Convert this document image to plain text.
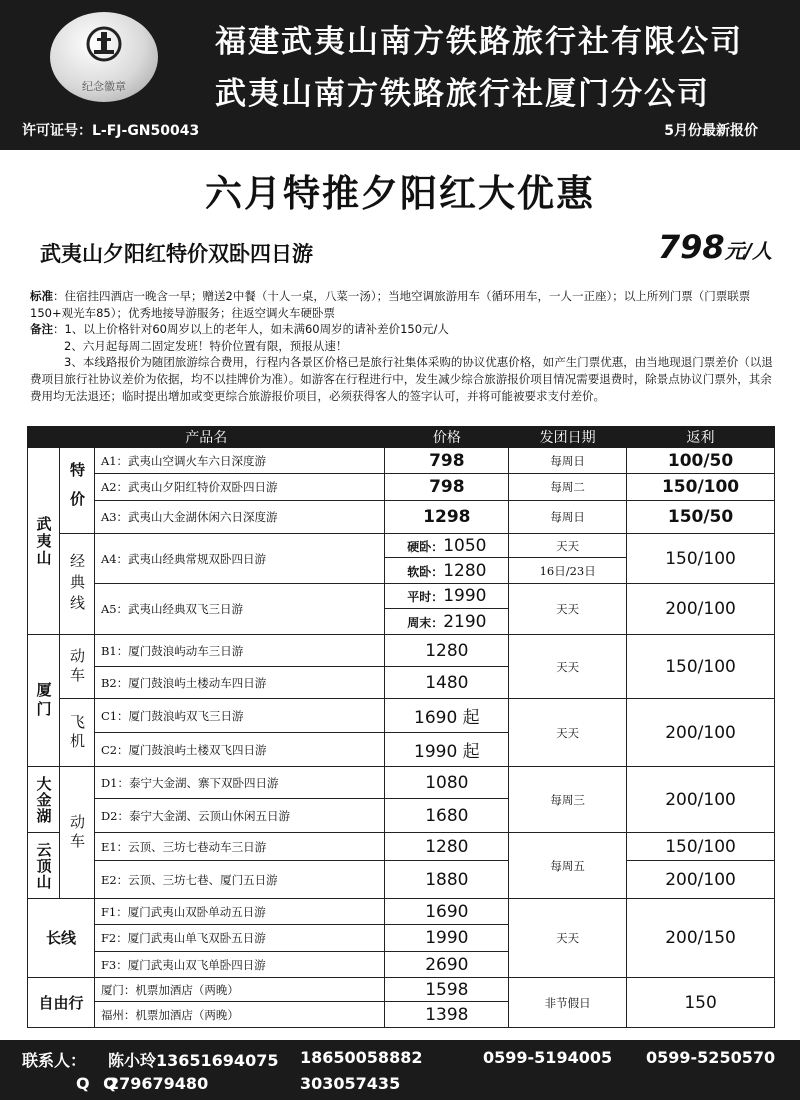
纪念徽章
福建武夷山南方铁路旅行社有限公司
武夷山南方铁路旅行社厦门分公司
许可证号：L-FJ-GN50043	5月份最新报价
六月特推夕阳红大优惠
武夷山夕阳红特价双卧四日游	798元/人
标准：住宿挂四酒店一晚含一早；赠送2中餐（十人一桌，八菜一汤）；当地空调旅游用车（循环用车，一人一正座）；以上所列门票（门票联票150+观光车85）；优秀地接导游服务；往返空调火车硬卧票
备注：1、以上价格针对60周岁以上的老年人，如未满60周岁的请补差价150元/人
2、六月起每周二固定发班！特价位置有限，预报从速！
3、本线路报价为随团旅游综合费用，行程内各景区价格已是旅行社集体采购的协议优惠价格，如产生门票优惠，由当地现退门票差价（以退费项目旅行社协议差价为依据，均不以挂牌价为准）。如游客在行程进行中，发生减少综合旅游报价项目情况需要退费时，除景点协议门票外，其余费用均无法退还；临时提出增加或变更综合旅游报价项目，必须获得客人的签字认可，并将可能被要求支付差价。
产品名			价格	发团日期	返利
武夷山	特价	A1：武夷山空调火车六日深度游	798	每周日	100/50
		A2：武夷山夕阳红特价双卧四日游	798	每周二	150/100
		A3：武夷山大金湖休闲六日深度游	1298	每周日	150/50
	经典线	A4：武夷山经典常规双卧四日游	硬卧：1050	天天	150/100
			软卧：1280	16日/23日	
		A5：武夷山经典双飞三日游	平时：1990	天天	200/100
			周末：2190		
厦门	动车	B1：厦门鼓浪屿动车三日游	1280	天天	150/100
		B2：厦门鼓浪屿土楼动车四日游	1480		
	飞机	C1：厦门鼓浪屿双飞三日游	1690 起	天天	200/100
		C2：厦门鼓浪屿土楼双飞四日游	1990 起		
大金湖	动车	D1：泰宁大金湖、寨下双卧四日游	1080	每周三	200/100
		D2：泰宁大金湖、云顶山休闲五日游	1680		
云顶山		E1：云顶、三坊七巷动车三日游	1280	每周五	150/100
		E2：云顶、三坊七巷、厦门五日游	1880		200/100
长线		F1：厦门武夷山双卧单动五日游	1690	天天	200/150
		F2：厦门武夷山单飞双卧五日游	1990		
		F3：厦门武夷山双飞单卧四日游	2690		
自由行		厦门：机票加酒店（两晚）	1598	非节假日	150
		福州：机票加酒店（两晚）	1398		
联系人： 陈小玲13651694075 18650058882	0599-5194005 0599-5250570
Q Q
279679480	303057435
